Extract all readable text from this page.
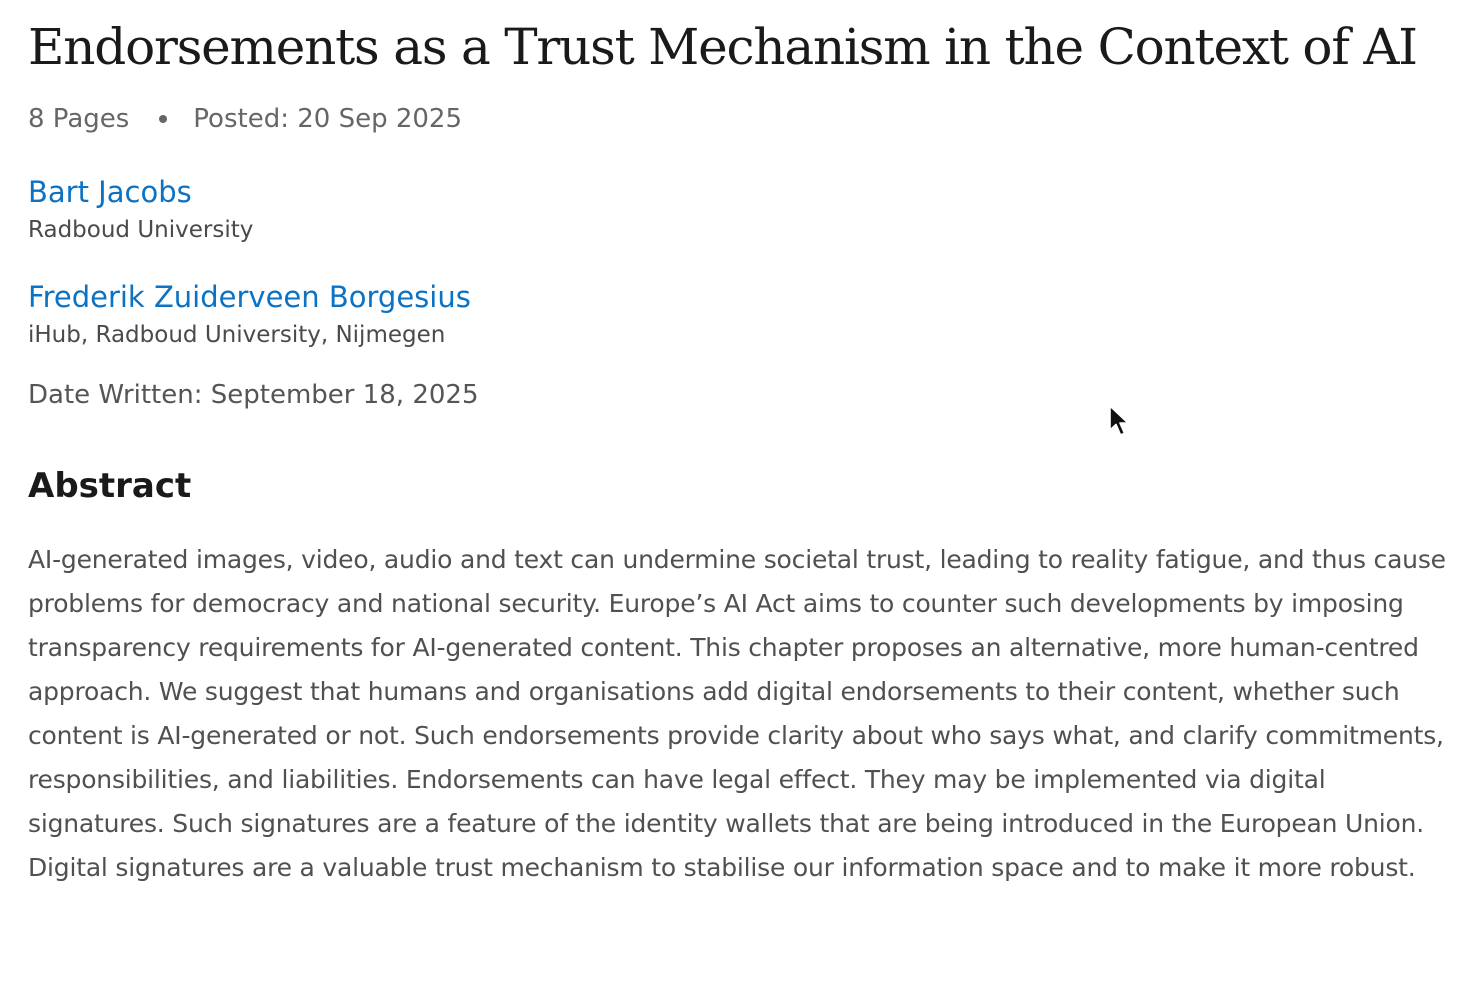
Endorsements as a Trust Mechanism in the Context of AI
8 Pages Posted: 20 Sep 2025
Bart Jacobs
Radboud University
Frederik Zuiderveen Borgesius
iHub, Radboud University, Nijmegen
Date Written: September 18, 2025
Abstract

AI-generated images, video, audio and text can undermine societal trust, leading to reality fatigue, and thus cause problems for democracy and national security. Europe’s AI Act aims to counter such developments by imposing transparency requirements for AI-generated content. This chapter proposes an alternative, more human-centred approach. We suggest that humans and organisations add digital endorsements to their content, whether such content is AI-generated or not. Such endorsements provide clarity about who says what, and clarify commitments, responsibilities, and liabilities. Endorsements can have legal effect. They may be implemented via digital signatures. Such signatures are a feature of the identity wallets that are being introduced in the European Union. Digital signatures are a valuable trust mechanism to stabilise our information space and to make it more robust.
